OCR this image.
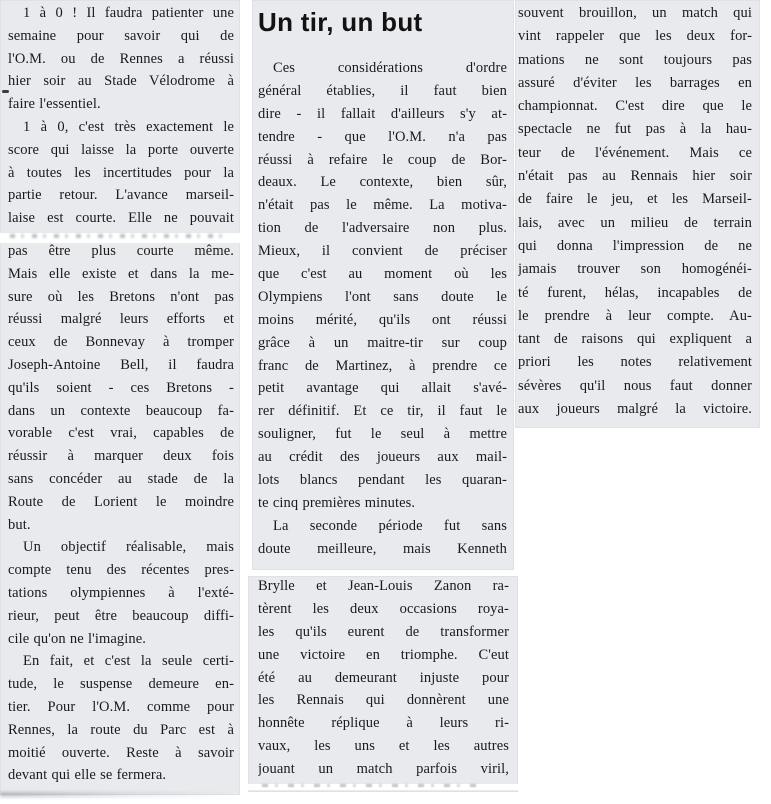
1 à 0 ! Il faudra patienter une
semaine pour savoir qui de
l'O.M. ou de Rennes a réussi
hier soir au Stade Vélodrome à
faire l'essentiel.
1 à 0, c'est très exactement le
score qui laisse la porte ouverte
à toutes les incertitudes pour la
partie retour. L'avance marseil-
laise est courte. Elle ne pouvait
pas être plus courte même.
Mais elle existe et dans la me-
sure où les Bretons n'ont pas
réussi malgré leurs efforts et
ceux de Bonnevay à tromper
Joseph-Antoine Bell, il faudra
qu'ils soient - ces Bretons -
dans un contexte beaucoup fa-
vorable c'est vrai, capables de
réussir à marquer deux fois
sans concéder au stade de la
Route de Lorient le moindre
but.
Un objectif réalisable, mais
compte tenu des récentes pres-
tations olympiennes à l'exté-
rieur, peut être beaucoup diffi-
cile qu'on ne l'imagine.
En fait, et c'est la seule certi-
tude, le suspense demeure en-
tier. Pour l'O.M. comme pour
Rennes, la route du Parc est à
moitié ouverte. Reste à savoir
devant qui elle se fermera.
Un tir, un but
Ces considérations d'ordre
général établies, il faut bien
dire - il fallait d'ailleurs s'y at-
tendre - que l'O.M. n'a pas
réussi à refaire le coup de Bor-
deaux. Le contexte, bien sûr,
n'était pas le même. La motiva-
tion de l'adversaire non plus.
Mieux, il convient de préciser
que c'est au moment où les
Olympiens l'ont sans doute le
moins mérité, qu'ils ont réussi
grâce à un maitre-tir sur coup
franc de Martinez, à prendre ce
petit avantage qui allait s'avé-
rer définitif. Et ce tir, il faut le
souligner, fut le seul à mettre
au crédit des joueurs aux mail-
lots blancs pendant les quaran-
te cinq premières minutes.
La seconde période fut sans
doute meilleure, mais Kenneth
Brylle et Jean-Louis Zanon ra-
tèrent les deux occasions roya-
les qu'ils eurent de transformer
une victoire en triomphe. C'eut
été au demeurant injuste pour
les Rennais qui donnèrent une
honnête réplique à leurs ri-
vaux, les uns et les autres
jouant un match parfois viril,
souvent brouillon, un match qui
vint rappeler que les deux for-
mations ne sont toujours pas
assuré d'éviter les barrages en
championnat. C'est dire que le
spectacle ne fut pas à la hau-
teur de l'événement. Mais ce
n'était pas au Rennais hier soir
de faire le jeu, et les Marseil-
lais, avec un milieu de terrain
qui donna l'impression de ne
jamais trouver son homogénéi-
té furent, hélas, incapables de
le prendre à leur compte. Au-
tant de raisons qui expliquent a
priori les notes relativement
sévères qu'il nous faut donner
aux joueurs malgré la victoire.
